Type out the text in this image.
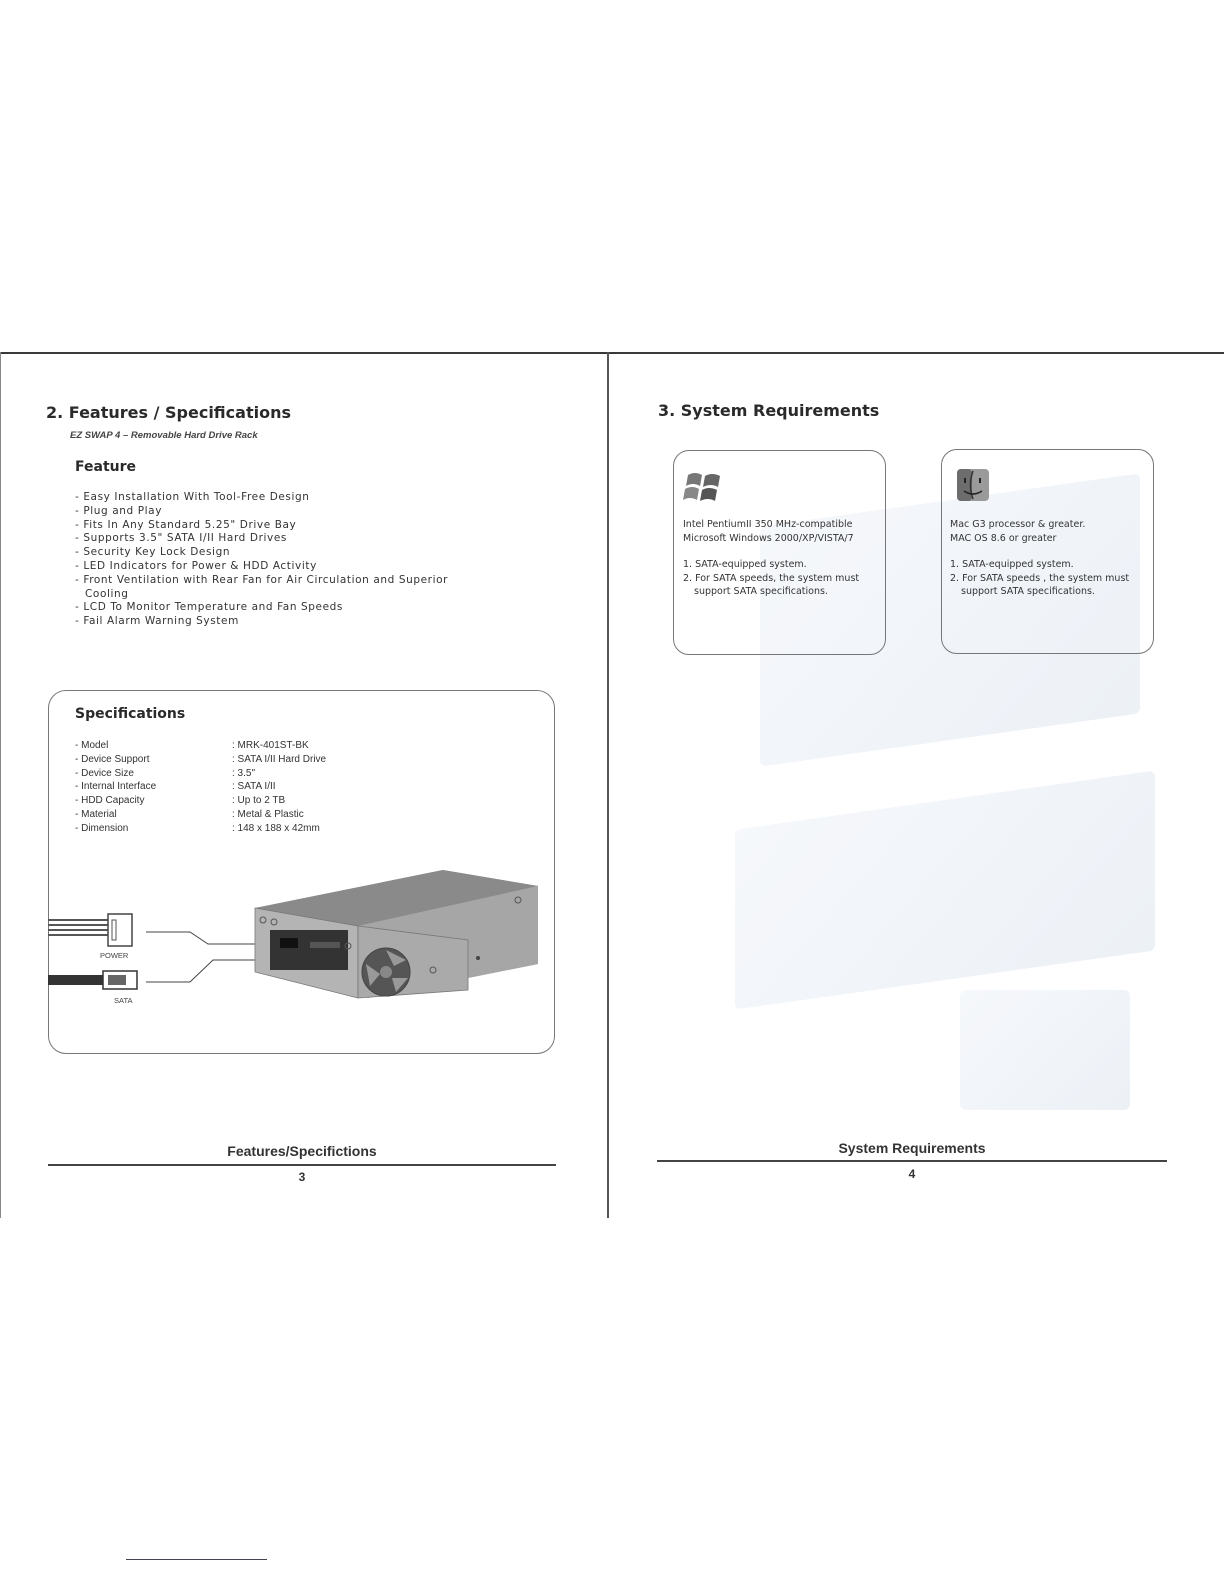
2. Features / Specifications
EZ SWAP 4 – Removable Hard Drive Rack
Feature
- Easy Installation With Tool-Free Design
- Plug and Play
- Fits In Any Standard 5.25" Drive Bay
- Supports 3.5" SATA I/II Hard Drives
- Security Key Lock Design
- LED Indicators for Power & HDD Activity
- Front Ventilation with Rear Fan for Air Circulation and Superior Cooling
- LCD To Monitor Temperature and Fan Speeds
- Fail Alarm Warning System
Specifications
- Model	: MRK-401ST-BK
- Device Support	: SATA I/II Hard Drive
- Device Size	: 3.5"
- Internal Interface	: SATA I/II
- HDD Capacity	: Up to 2 TB
- Material	: Metal & Plastic
- Dimension	: 148 x 188 x 42mm
POWER
SATA
Features/Specifictions
3
3. System Requirements
Intel PentiumII 350 MHz-compatible
Microsoft Windows 2000/XP/VISTA/7
1. SATA-equipped system.
2. For SATA speeds, the system must
support SATA specifications.
Mac G3 processor & greater.
MAC OS 8.6 or greater
1. SATA-equipped system.
2. For SATA speeds , the system must
support SATA specifications.
System Requirements
4
